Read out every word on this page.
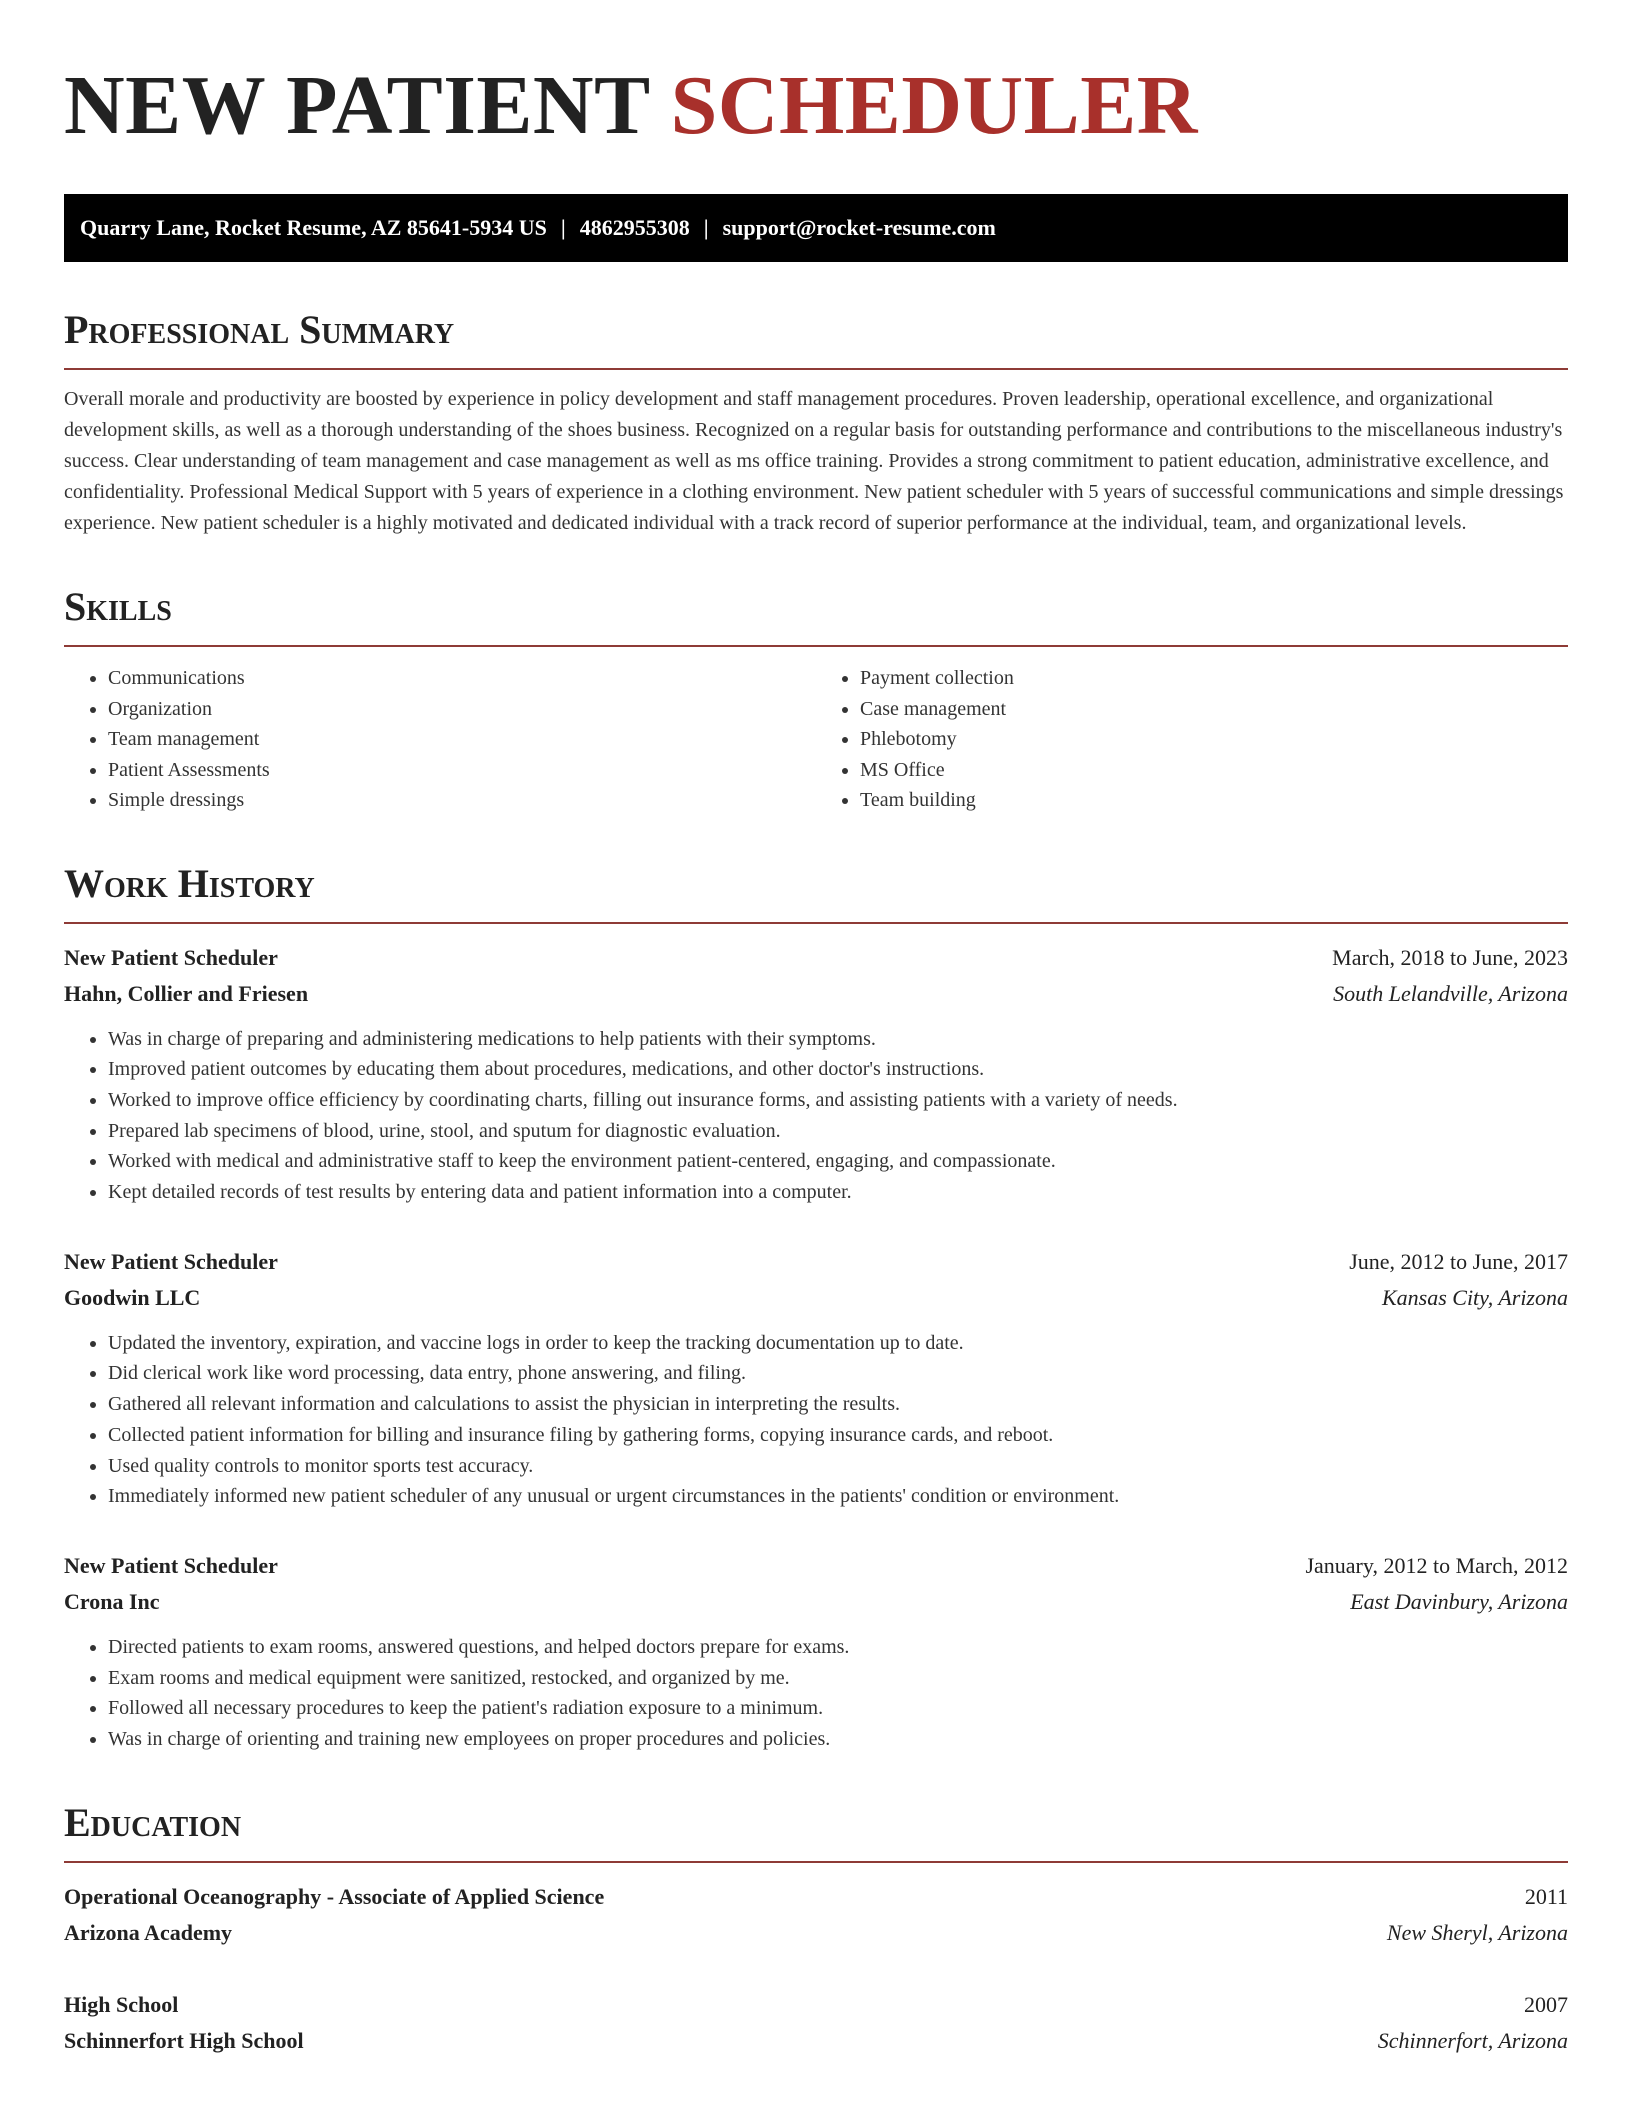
NEW PATIENT SCHEDULER
Quarry Lane, Rocket Resume, AZ 85641-5934 US | 4862955308 | support@rocket-resume.com
Professional Summary

Overall morale and productivity are boosted by experience in policy development and staff management procedures. Proven leadership, operational excellence, and organizational development skills, as well as a thorough understanding of the shoes business. Recognized on a regular basis for outstanding performance and contributions to the miscellaneous industry's success. Clear understanding of team management and case management as well as ms office training. Provides a strong commitment to patient education, administrative excellence, and confidentiality. Professional Medical Support with 5 years of experience in a clothing environment. New patient scheduler with 5 years of successful communications and simple dressings experience. New patient scheduler is a highly motivated and dedicated individual with a track record of superior performance at the individual, team, and organizational levels.

Skills
• Communications
• Organization
• Team management
• Patient Assessments
• Simple dressings
• Payment collection
• Case management
• Phlebotomy
• MS Office
• Team building
Work History
New Patient Scheduler	March, 2018 to June, 2023
Hahn, Collier and Friesen	South Lelandville, Arizona
• Was in charge of preparing and administering medications to help patients with their symptoms.
• Improved patient outcomes by educating them about procedures, medications, and other doctor's instructions.
• Worked to improve office efficiency by coordinating charts, filling out insurance forms, and assisting patients with a variety of needs.
• Prepared lab specimens of blood, urine, stool, and sputum for diagnostic evaluation.
• Worked with medical and administrative staff to keep the environment patient-centered, engaging, and compassionate.
• Kept detailed records of test results by entering data and patient information into a computer.
New Patient Scheduler	June, 2012 to June, 2017
Goodwin LLC	Kansas City, Arizona
• Updated the inventory, expiration, and vaccine logs in order to keep the tracking documentation up to date.
• Did clerical work like word processing, data entry, phone answering, and filing.
• Gathered all relevant information and calculations to assist the physician in interpreting the results.
• Collected patient information for billing and insurance filing by gathering forms, copying insurance cards, and reboot.
• Used quality controls to monitor sports test accuracy.
• Immediately informed new patient scheduler of any unusual or urgent circumstances in the patients' condition or environment.
New Patient Scheduler	January, 2012 to March, 2012
Crona Inc	East Davinbury, Arizona
• Directed patients to exam rooms, answered questions, and helped doctors prepare for exams.
• Exam rooms and medical equipment were sanitized, restocked, and organized by me.
• Followed all necessary procedures to keep the patient's radiation exposure to a minimum.
• Was in charge of orienting and training new employees on proper procedures and policies.
Education
Operational Oceanography - Associate of Applied Science	2011
Arizona Academy	New Sheryl, Arizona
High School	2007
Schinnerfort High School	Schinnerfort, Arizona
